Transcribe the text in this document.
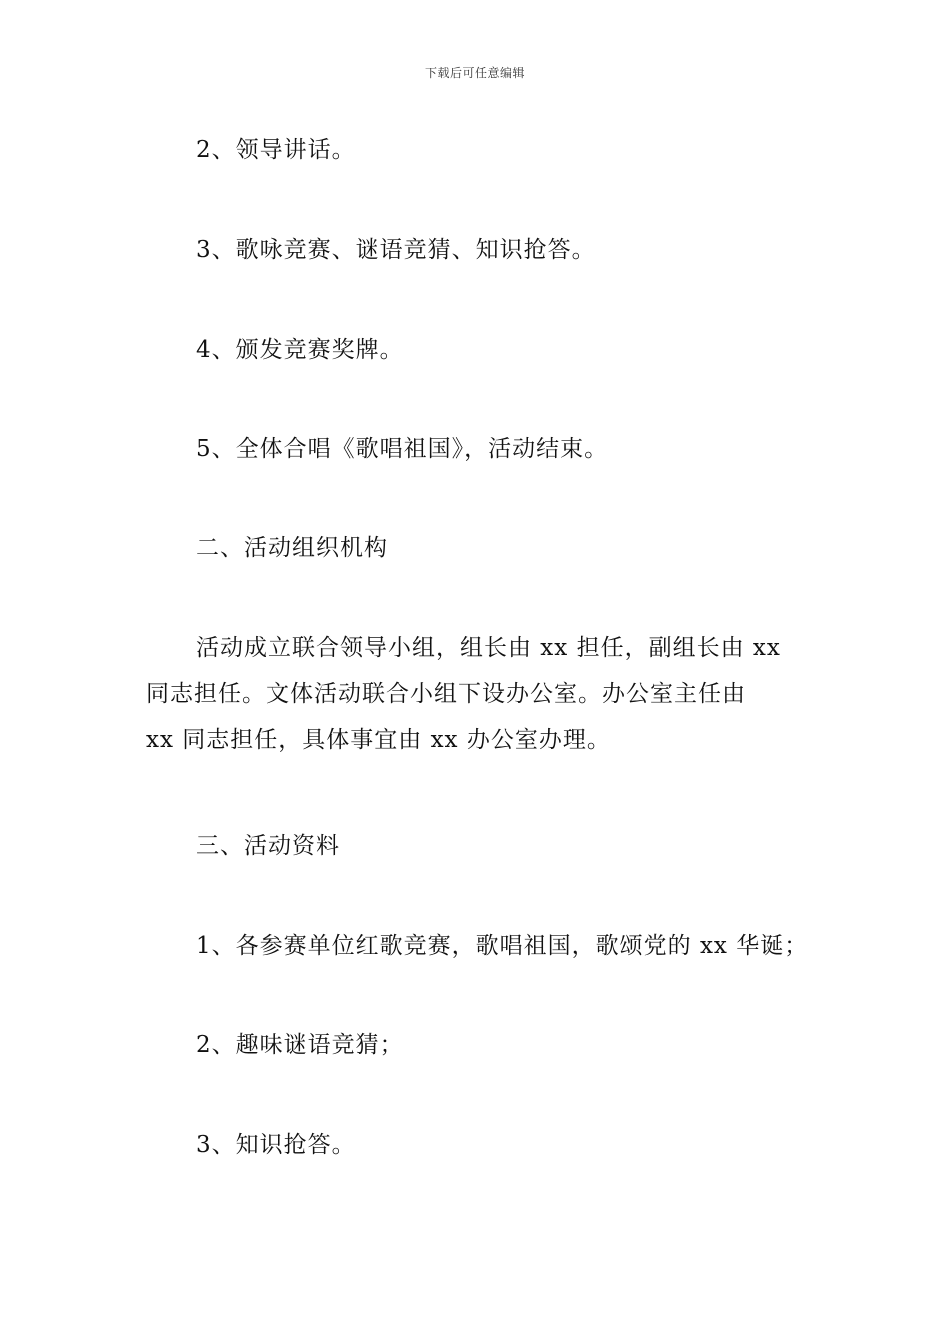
下载后可任意编辑
2、领导讲话。
3、歌咏竞赛、谜语竞猜、知识抢答。
4、颁发竞赛奖牌。
5、全体合唱《歌唱祖国》，活动结束。
二、活动组织机构
活动成立联合领导小组，组长由 xx 担任，副组长由 xx
同志担任。文体活动联合小组下设办公室。办公室主任由
xx 同志担任，具体事宜由 xx 办公室办理。
三、活动资料
1、各参赛单位红歌竞赛，歌唱祖国，歌颂党的 xx 华诞；
2、趣味谜语竞猜；
3、知识抢答。
